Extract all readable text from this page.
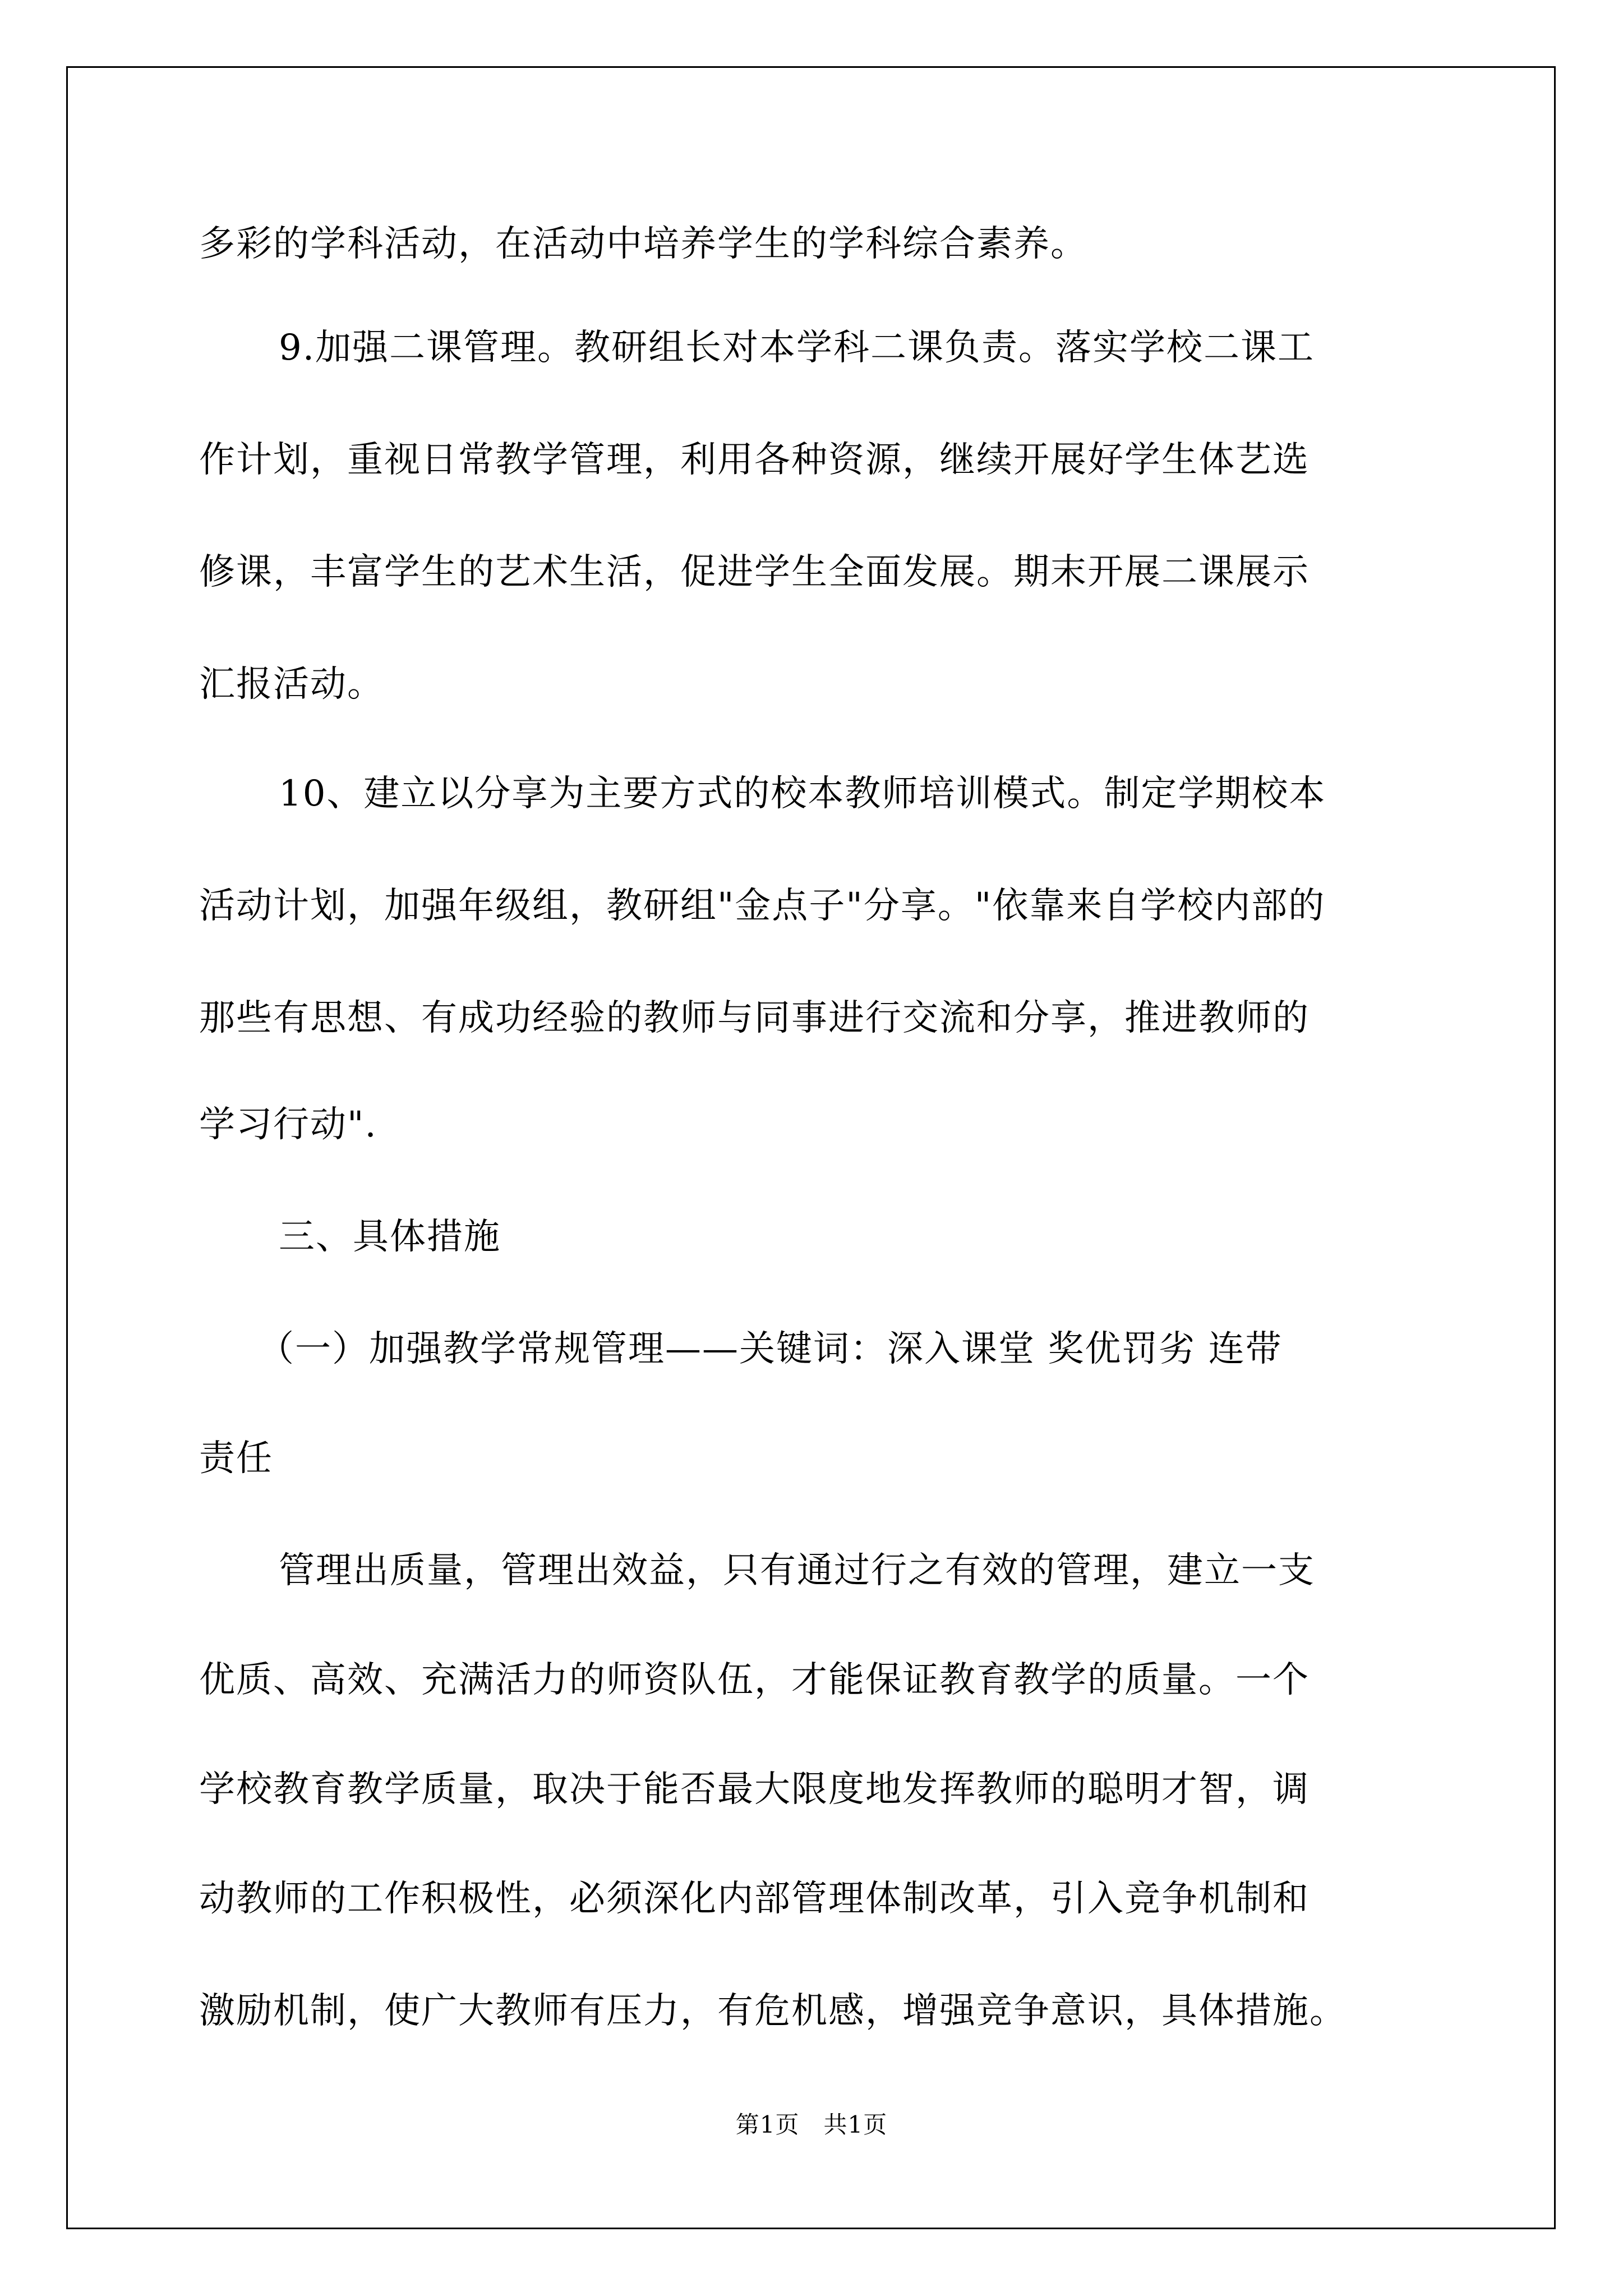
多彩的学科活动，在活动中培养学生的学科综合素养。
9.加强二课管理。教研组长对本学科二课负责。落实学校二课工
作计划，重视日常教学管理，利用各种资源，继续开展好学生体艺选
修课，丰富学生的艺术生活，促进学生全面发展。期末开展二课展示
汇报活动。
10、建立以分享为主要方式的校本教师培训模式。制定学期校本
活动计划，加强年级组，教研组"金点子"分享。"依靠来自学校内部的
那些有思想、有成功经验的教师与同事进行交流和分享，推进教师的
学习行动".
三、具体措施
（一）加强教学常规管理——关键词：深入课堂 奖优罚劣 连带
责任
管理出质量，管理出效益，只有通过行之有效的管理，建立一支
优质、高效、充满活力的师资队伍，才能保证教育教学的质量。一个
学校教育教学质量，取决于能否最大限度地发挥教师的聪明才智，调
动教师的工作积极性，必须深化内部管理体制改革，引入竞争机制和
激励机制，使广大教师有压力，有危机感，增强竞争意识，具体措施。
第1页　共1页
